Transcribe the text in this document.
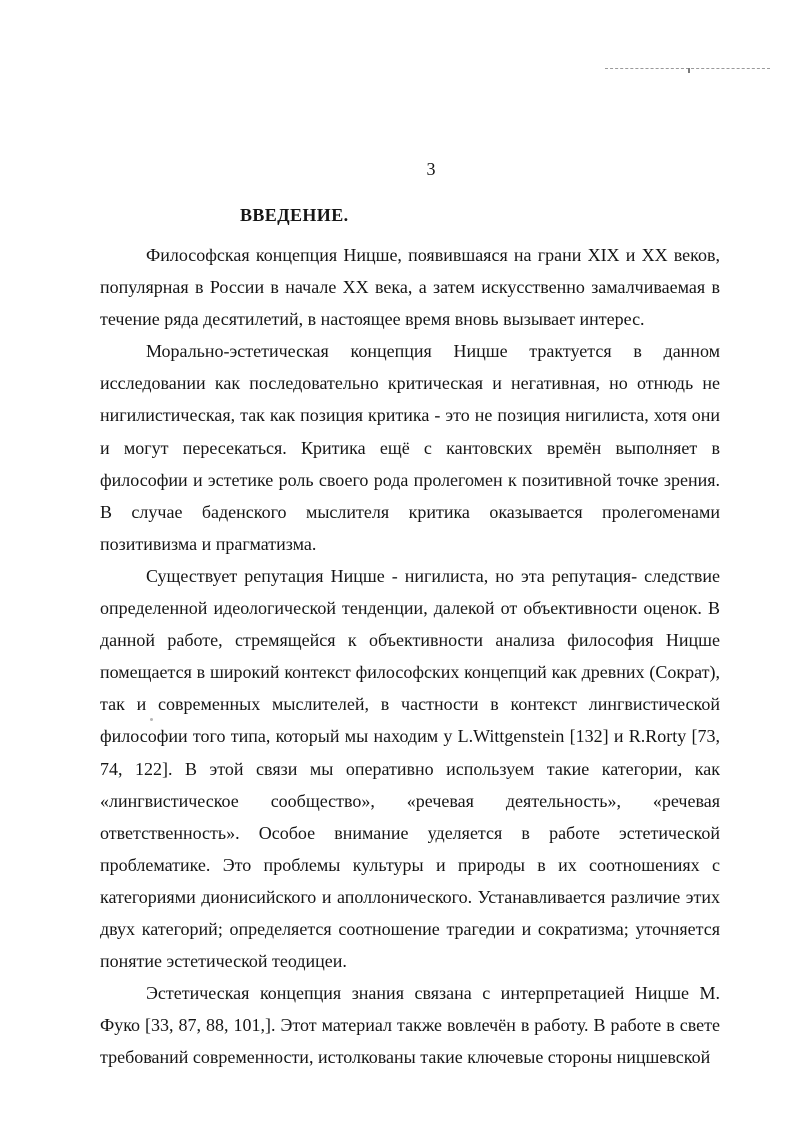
3
ВВЕДЕНИЕ.

Философская концепция Ницше, появившаяся на грани XIX и XX веков, популярная в России в начале XX века, а затем искусственно замалчиваемая в течение ряда десятилетий, в настоящее время вновь вызывает интерес.

Морально-эстетическая концепция Ницше трактуется в данном исследовании как последовательно критическая и негативная, но отнюдь не нигилистическая, так как позиция критика - это не позиция нигилиста, хотя они и могут пересекаться. Критика ещё с кантовских времён выполняет в философии и эстетике роль своего рода пролегомен к позитивной точке зрения. В случае баденского мыслителя критика оказывается пролегоменами позитивизма и прагматизма.

Существует репутация Ницше - нигилиста, но эта репутация- следствие определенной идеологической тенденции, далекой от объективности оценок. В данной работе, стремящейся к объективности анализа философия Ницше помещается в широкий контекст философских концепций как древних (Сократ), так и современных мыслителей, в частности в контекст лингвистической философии того типа, который мы находим у L.Wittgenstein [132] и R.Rorty [73, 74, 122]. В этой связи мы оперативно используем такие категории, как «лингвистическое сообщество», «речевая деятельность», «речевая ответственность». Особое внимание уделяется в работе эстетической проблематике. Это проблемы культуры и природы в их соотношениях с категориями дионисийского и аполлонического. Устанавливается различие этих двух категорий; определяется соотношение трагедии и сократизма; уточняется понятие эстетической теодицеи.

Эстетическая концепция знания связана с интерпретацией Ницше М. Фуко [33, 87, 88, 101,]. Этот материал также вовлечён в работу. В работе в свете требований современности, истолкованы такие ключевые стороны ницшевской
